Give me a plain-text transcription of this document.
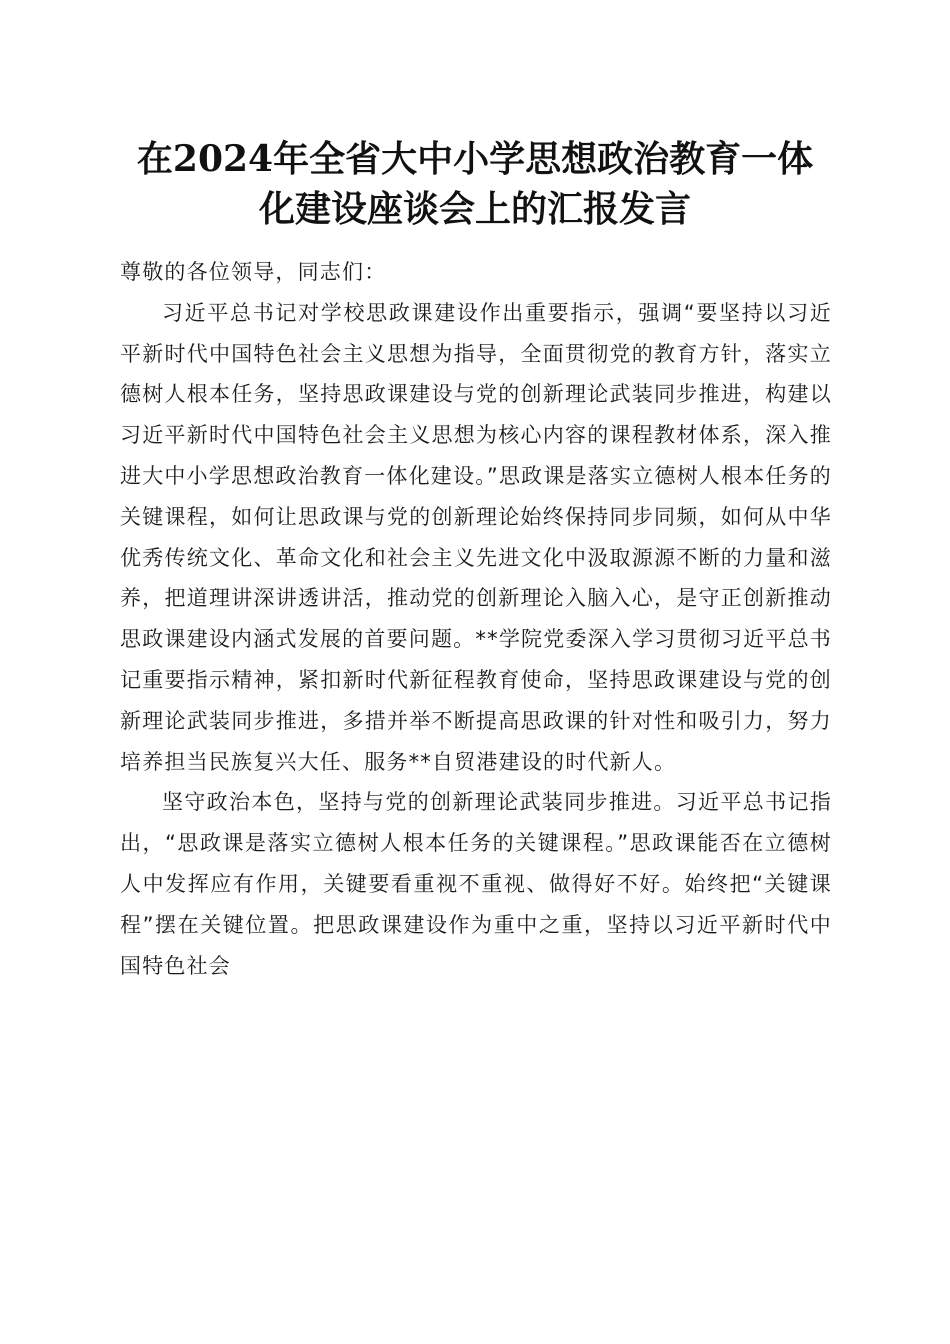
在2024年全省大中小学思想政治教育一体化建设座谈会上的汇报发言

尊敬的各位领导，同志们：

习近平总书记对学校思政课建设作出重要指示，强调“要坚持以习近平新时代中国特色社会主义思想为指导，全面贯彻党的教育方针，落实立德树人根本任务，坚持思政课建设与党的创新理论武装同步推进，构建以习近平新时代中国特色社会主义思想为核心内容的课程教材体系，深入推进大中小学思想政治教育一体化建设。”思政课是落实立德树人根本任务的关键课程，如何让思政课与党的创新理论始终保持同步同频，如何从中华优秀传统文化、革命文化和社会主义先进文化中汲取源源不断的力量和滋养，把道理讲深讲透讲活，推动党的创新理论入脑入心，是守正创新推动思政课建设内涵式发展的首要问题。**学院党委深入学习贯彻习近平总书记重要指示精神，紧扣新时代新征程教育使命，坚持思政课建设与党的创新理论武装同步推进，多措并举不断提高思政课的针对性和吸引力，努力培养担当民族复兴大任、服务**自贸港建设的时代新人。

坚守政治本色，坚持与党的创新理论武装同步推进。习近平总书记指出，“思政课是落实立德树人根本任务的关键课程。”思政课能否在立德树人中发挥应有作用，关键要看重视不重视、做得好不好。始终把“关键课程”摆在关键位置。把思政课建设作为重中之重，坚持以习近平新时代中国特色社会
